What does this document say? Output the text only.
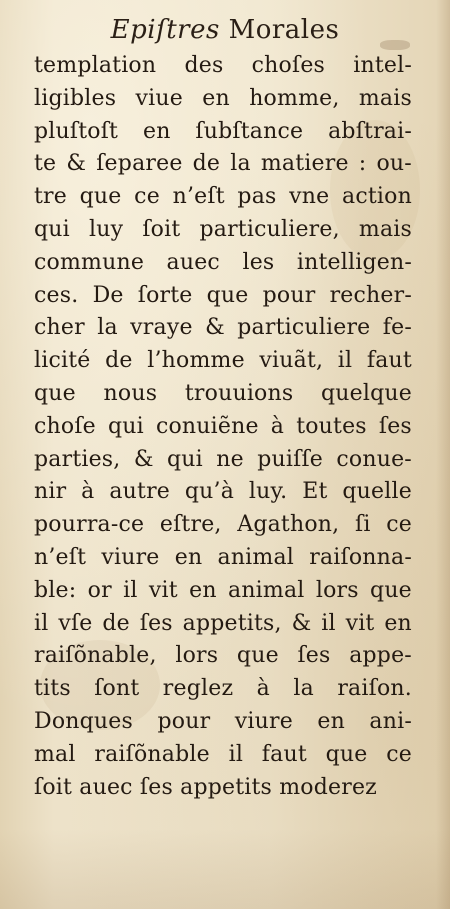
Epiſtres Morales
templation des choſes intel-
ligibles viue en homme, mais
pluſtoſt en ſubſtance abſtrai-
te & ſeparee de la matiere : ou-
tre que ce n’eſt pas vne action
qui luy ſoit particuliere, mais
commune auec les intelligen-
ces. De ſorte que pour recher-
cher la vraye & particuliere fe-
licité de l’homme viuãt, il faut
que nous trouuions quelque
choſe qui conuiẽne à toutes ſes
parties, & qui ne puiſſe conue-
nir à autre qu’à luy. Et quelle
pourra-ce eſtre, Agathon, ſi ce
n’eſt viure en animal raiſonna-
ble: or il vit en animal lors que
il vſe de ſes appetits, & il vit en
raiſõnable, lors que ſes appe-
tits ſont reglez à la raiſon.
Donques pour viure en ani-
mal raiſõnable il faut que ce
ſoit auec ſes appetits moderez
